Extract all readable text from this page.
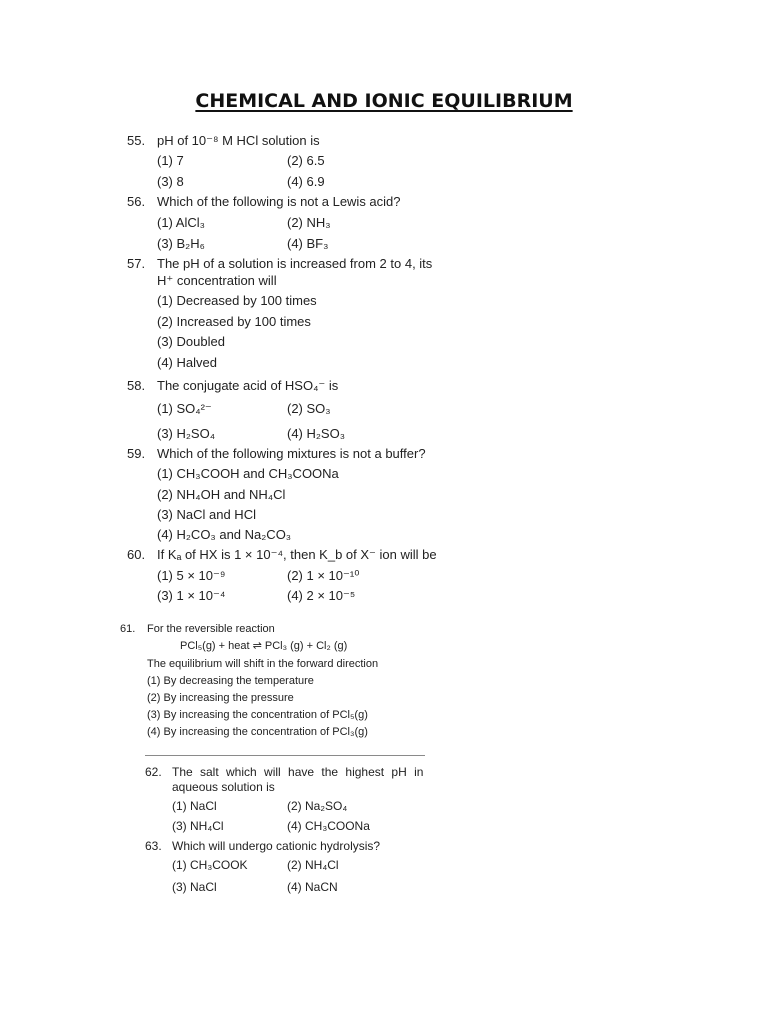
CHEMICAL AND IONIC EQUILIBRIUM
55. pH of 10⁻⁸ M HCl solution is
(1) 7	(2) 6.5
(3) 8	(4) 6.9
56. Which of the following is not a Lewis acid?
(1) AlCl₃	(2) NH₃
(3) B₂H₆	(4) BF₃
57. The pH of a solution is increased from 2 to 4, its
H⁺ concentration will
(1) Decreased by 100 times
(2) Increased by 100 times
(3) Doubled
(4) Halved
58. The conjugate acid of HSO₄⁻ is
(1) SO₄²⁻	(2) SO₃
(3) H₂SO₄	(4) H₂SO₃
59. Which of the following mixtures is not a buffer?
(1) CH₃COOH and CH₃COONa
(2) NH₄OH and NH₄Cl
(3) NaCl and HCl
(4) H₂CO₃ and Na₂CO₃
60. If Kₐ of HX is 1 × 10⁻⁴, then K_b of X⁻ ion will be
(1) 5 × 10⁻⁹	(2) 1 × 10⁻¹⁰
(3) 1 × 10⁻⁴	(4) 2 × 10⁻⁵
61. For the reversible reaction
PCl₅(g) + heat ⇌ PCl₃ (g) + Cl₂ (g)
The equilibrium will shift in the forward direction
(1) By decreasing the temperature
(2) By increasing the pressure
(3) By increasing the concentration of PCl₅(g)
(4) By increasing the concentration of PCl₃(g)
62. The salt which will have the highest pH in
aqueous solution is
(1) NaCl	(2) Na₂SO₄
(3) NH₄Cl	(4) CH₃COONa
63. Which will undergo cationic hydrolysis?
(1) CH₃COOK	(2) NH₄Cl
(3) NaCl	(4) NaCN
